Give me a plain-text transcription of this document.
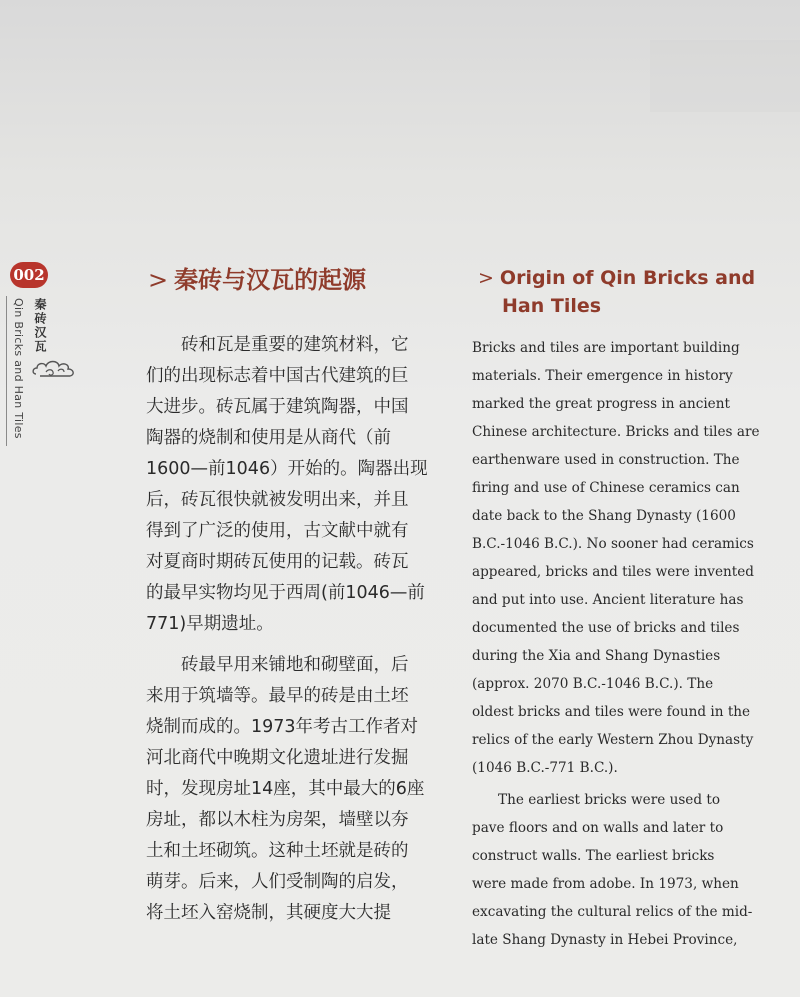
002
Qin Bricks and Han Tiles 秦砖汉瓦
> 秦砖与汉瓦的起源	> Origin of Qin Bricks and
Han Tiles
砖和瓦是重要的建筑材料，它
们的出现标志着中国古代建筑的巨
大进步。砖瓦属于建筑陶器，中国
陶器的烧制和使用是从商代（前
1600—前1046）开始的。陶器出现
后，砖瓦很快就被发明出来，并且
得到了广泛的使用，古文献中就有
对夏商时期砖瓦使用的记载。砖瓦
的最早实物均见于西周(前1046—前
771)早期遗址。
砖最早用来铺地和砌壁面，后
来用于筑墙等。最早的砖是由土坯
烧制而成的。1973年考古工作者对
河北商代中晚期文化遗址进行发掘
时，发现房址14座，其中最大的6座
房址，都以木柱为房架，墙壁以夯
土和土坯砌筑。这种土坯就是砖的
萌芽。后来，人们受制陶的启发，
将土坯入窑烧制，其硬度大大提
Bricks and tiles are important building
materials. Their emergence in history
marked the great progress in ancient
Chinese architecture. Bricks and tiles are
earthenware used in construction. The
firing and use of Chinese ceramics can
date back to the Shang Dynasty (1600
B.C.-1046 B.C.). No sooner had ceramics
appeared, bricks and tiles were invented
and put into use. Ancient literature has
documented the use of bricks and tiles
during the Xia and Shang Dynasties
(approx. 2070 B.C.-1046 B.C.). The
oldest bricks and tiles were found in the
relics of the early Western Zhou Dynasty
(1046 B.C.-771 B.C.).
The earliest bricks were used to
pave floors and on walls and later to
construct walls. The earliest bricks
were made from adobe. In 1973, when
excavating the cultural relics of the mid-
late Shang Dynasty in Hebei Province,
